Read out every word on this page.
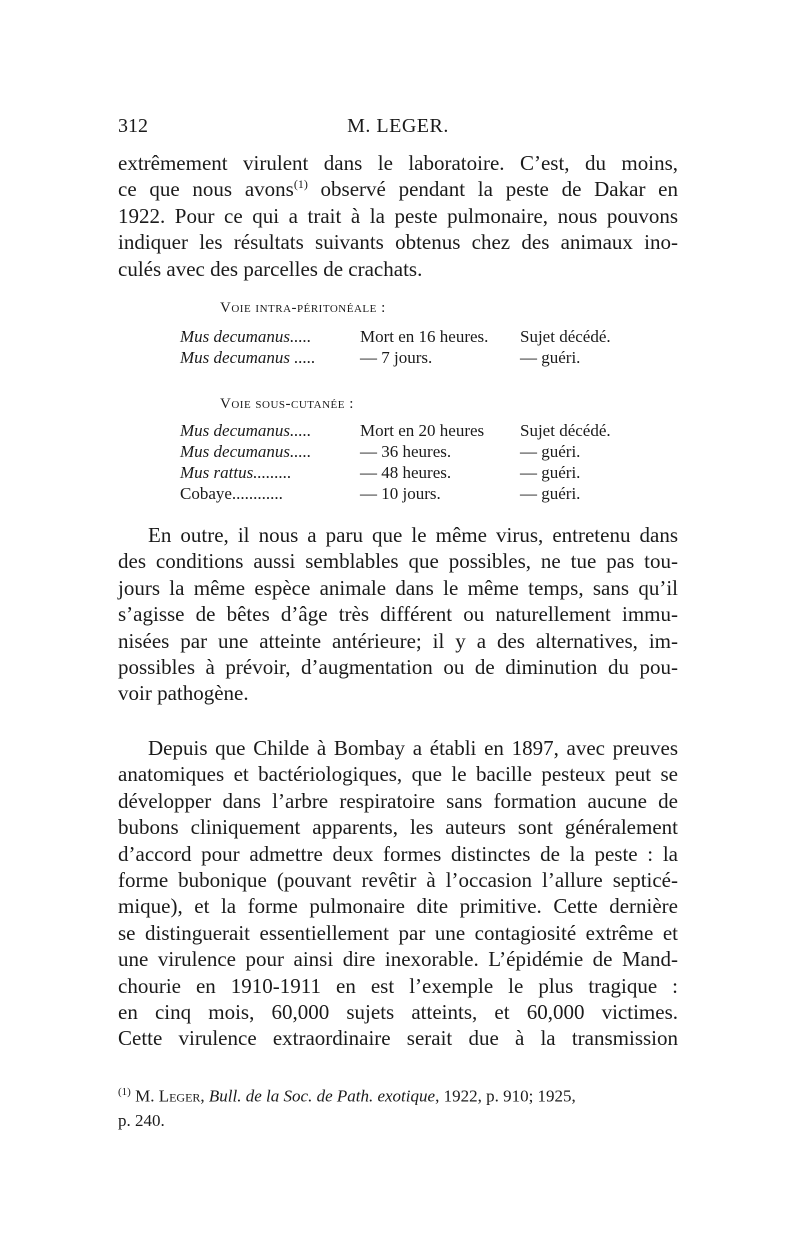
312	M. LEGER.
extrêmement virulent dans le laboratoire. C’est, du moins,
ce que nous avons$^{(1)}$ observé pendant la peste de Dakar en
1922. Pour ce qui a trait à la peste pulmonaire, nous pouvons
indiquer les résultats suivants obtenus chez des animaux ino-
culés avec des parcelles de crachats.
Voie intra-péritonéale :
Mus decumanus.....	Mort en 16 heures. Sujet décédé.
Mus decumanus .....	— 7 jours.	— guéri.
Voie sous-cutanée :
Mus decumanus.....	Mort en 20 heures Sujet décédé.
Mus decumanus.....	— 36 heures.	— guéri.
Mus rattus.........	— 48 heures.	— guéri.
Cobaye............	— 10 jours.	— guéri.
En outre, il nous a paru que le même virus, entretenu dans
des conditions aussi semblables que possibles, ne tue pas tou-
jours la même espèce animale dans le même temps, sans qu’il
s’agisse de bêtes d’âge très différent ou naturellement immu-
nisées par une atteinte antérieure; il y a des alternatives, im-
possibles à prévoir, d’augmentation ou de diminution du pou-
voir pathogène.
Depuis que Childe à Bombay a établi en 1897, avec preuves
anatomiques et bactériologiques, que le bacille pesteux peut se
développer dans l’arbre respiratoire sans formation aucune de
bubons cliniquement apparents, les auteurs sont généralement
d’accord pour admettre deux formes distinctes de la peste : la
forme bubonique (pouvant revêtir à l’occasion l’allure septicé-
mique), et la forme pulmonaire dite primitive. Cette dernière
se distinguerait essentiellement par une contagiosité extrême et
une virulence pour ainsi dire inexorable. L’épidémie de Mand-
chourie en 1910-1911 en est l’exemple le plus tragique :
en cinq mois, 60,000 sujets atteints, et 60,000 victimes.
Cette virulence extraordinaire serait due à la transmission
$^{(1)}$ M. Leger, Bull. de la Soc. de Path. exotique, 1922, p. 910; 1925,
p. 240.
